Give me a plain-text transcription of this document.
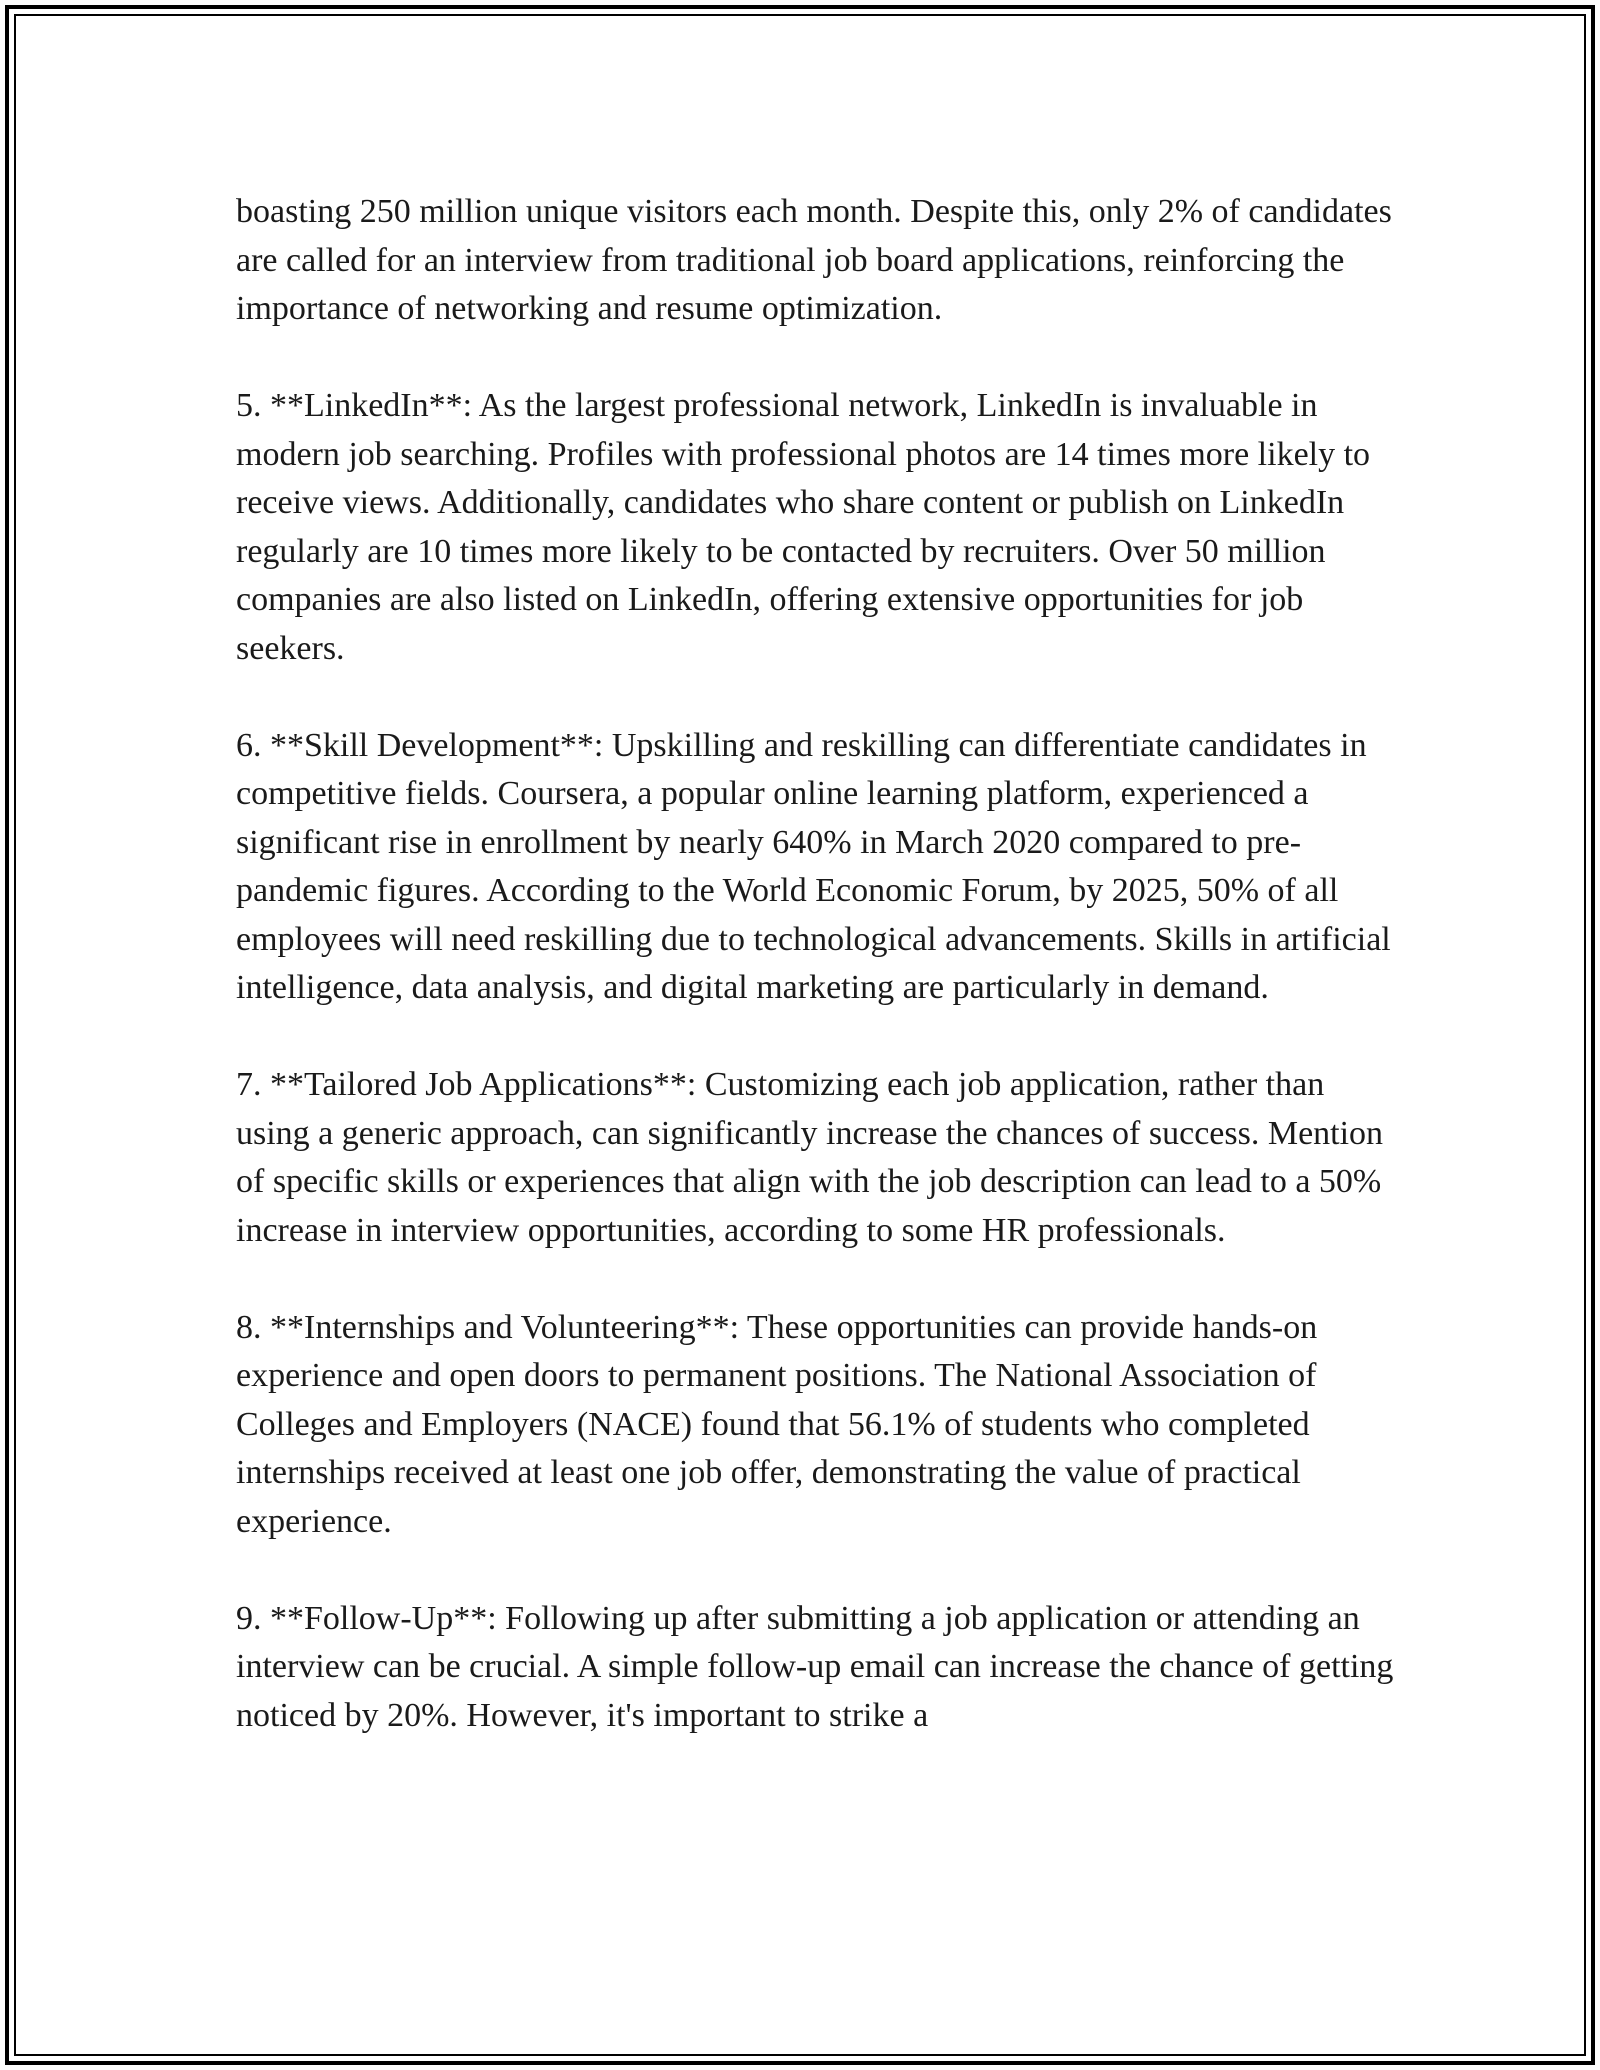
boasting 250 million unique visitors each month. Despite this, only 2% of candidates are called for an interview from traditional job board applications, reinforcing the importance of networking and resume optimization.

5. **LinkedIn**: As the largest professional network, LinkedIn is invaluable in modern job searching. Profiles with professional photos are 14 times more likely to receive views. Additionally, candidates who share content or publish on LinkedIn regularly are 10 times more likely to be contacted by recruiters. Over 50 million companies are also listed on LinkedIn, offering extensive opportunities for job seekers.

6. **Skill Development**: Upskilling and reskilling can differentiate candidates in competitive fields. Coursera, a popular online learning platform, experienced a significant rise in enrollment by nearly 640% in March 2020 compared to pre-pandemic figures. According to the World Economic Forum, by 2025, 50% of all employees will need reskilling due to technological advancements. Skills in artificial intelligence, data analysis, and digital marketing are particularly in demand.

7. **Tailored Job Applications**: Customizing each job application, rather than using a generic approach, can significantly increase the chances of success. Mention of specific skills or experiences that align with the job description can lead to a 50% increase in interview opportunities, according to some HR professionals.

8. **Internships and Volunteering**: These opportunities can provide hands-on experience and open doors to permanent positions. The National Association of Colleges and Employers (NACE) found that 56.1% of students who completed internships received at least one job offer, demonstrating the value of practical experience.

9. **Follow-Up**: Following up after submitting a job application or attending an interview can be crucial. A simple follow-up email can increase the chance of getting noticed by 20%. However, it's important to strike a
